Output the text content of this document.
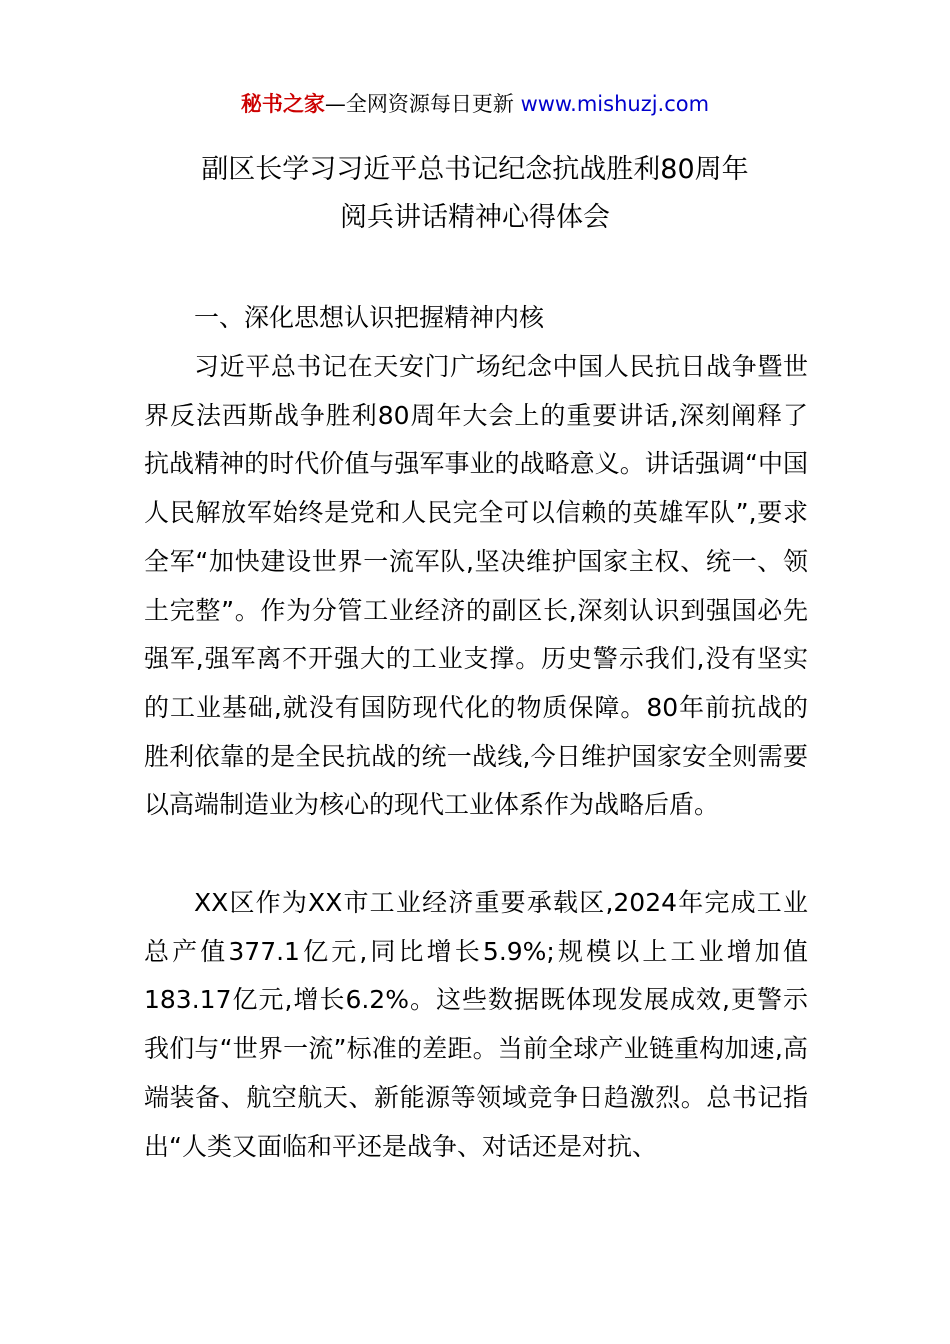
秘书之家—全网资源每日更新 www.mishuzj.com
副区长学习习近平总书记纪念抗战胜利80周年
阅兵讲话精神心得体会
一、深化思想认识把握精神内核

习近平总书记在天安门广场纪念中国人民抗日战争暨世界反法西斯战争胜利80周年大会上的重要讲话,深刻阐释了抗战精神的时代价值与强军事业的战略意义。讲话强调“中国人民解放军始终是党和人民完全可以信赖的英雄军队”,要求全军“加快建设世界一流军队,坚决维护国家主权、统一、领土完整”。作为分管工业经济的副区长,深刻认识到强国必先强军,强军离不开强大的工业支撑。历史警示我们,没有坚实的工业基础,就没有国防现代化的物质保障。80年前抗战的胜利依靠的是全民抗战的统一战线,今日维护国家安全则需要以高端制造业为核心的现代工业体系作为战略后盾。

XX区作为XX市工业经济重要承载区,2024年完成工业总产值377.1亿元,同比增长5.9%;规模以上工业增加值183.17亿元,增长6.2%。这些数据既体现发展成效,更警示我们与“世界一流”标准的差距。当前全球产业链重构加速,高端装备、航空航天、新能源等领域竞争日趋激烈。总书记指出“人类又面临和平还是战争、对话还是对抗、
